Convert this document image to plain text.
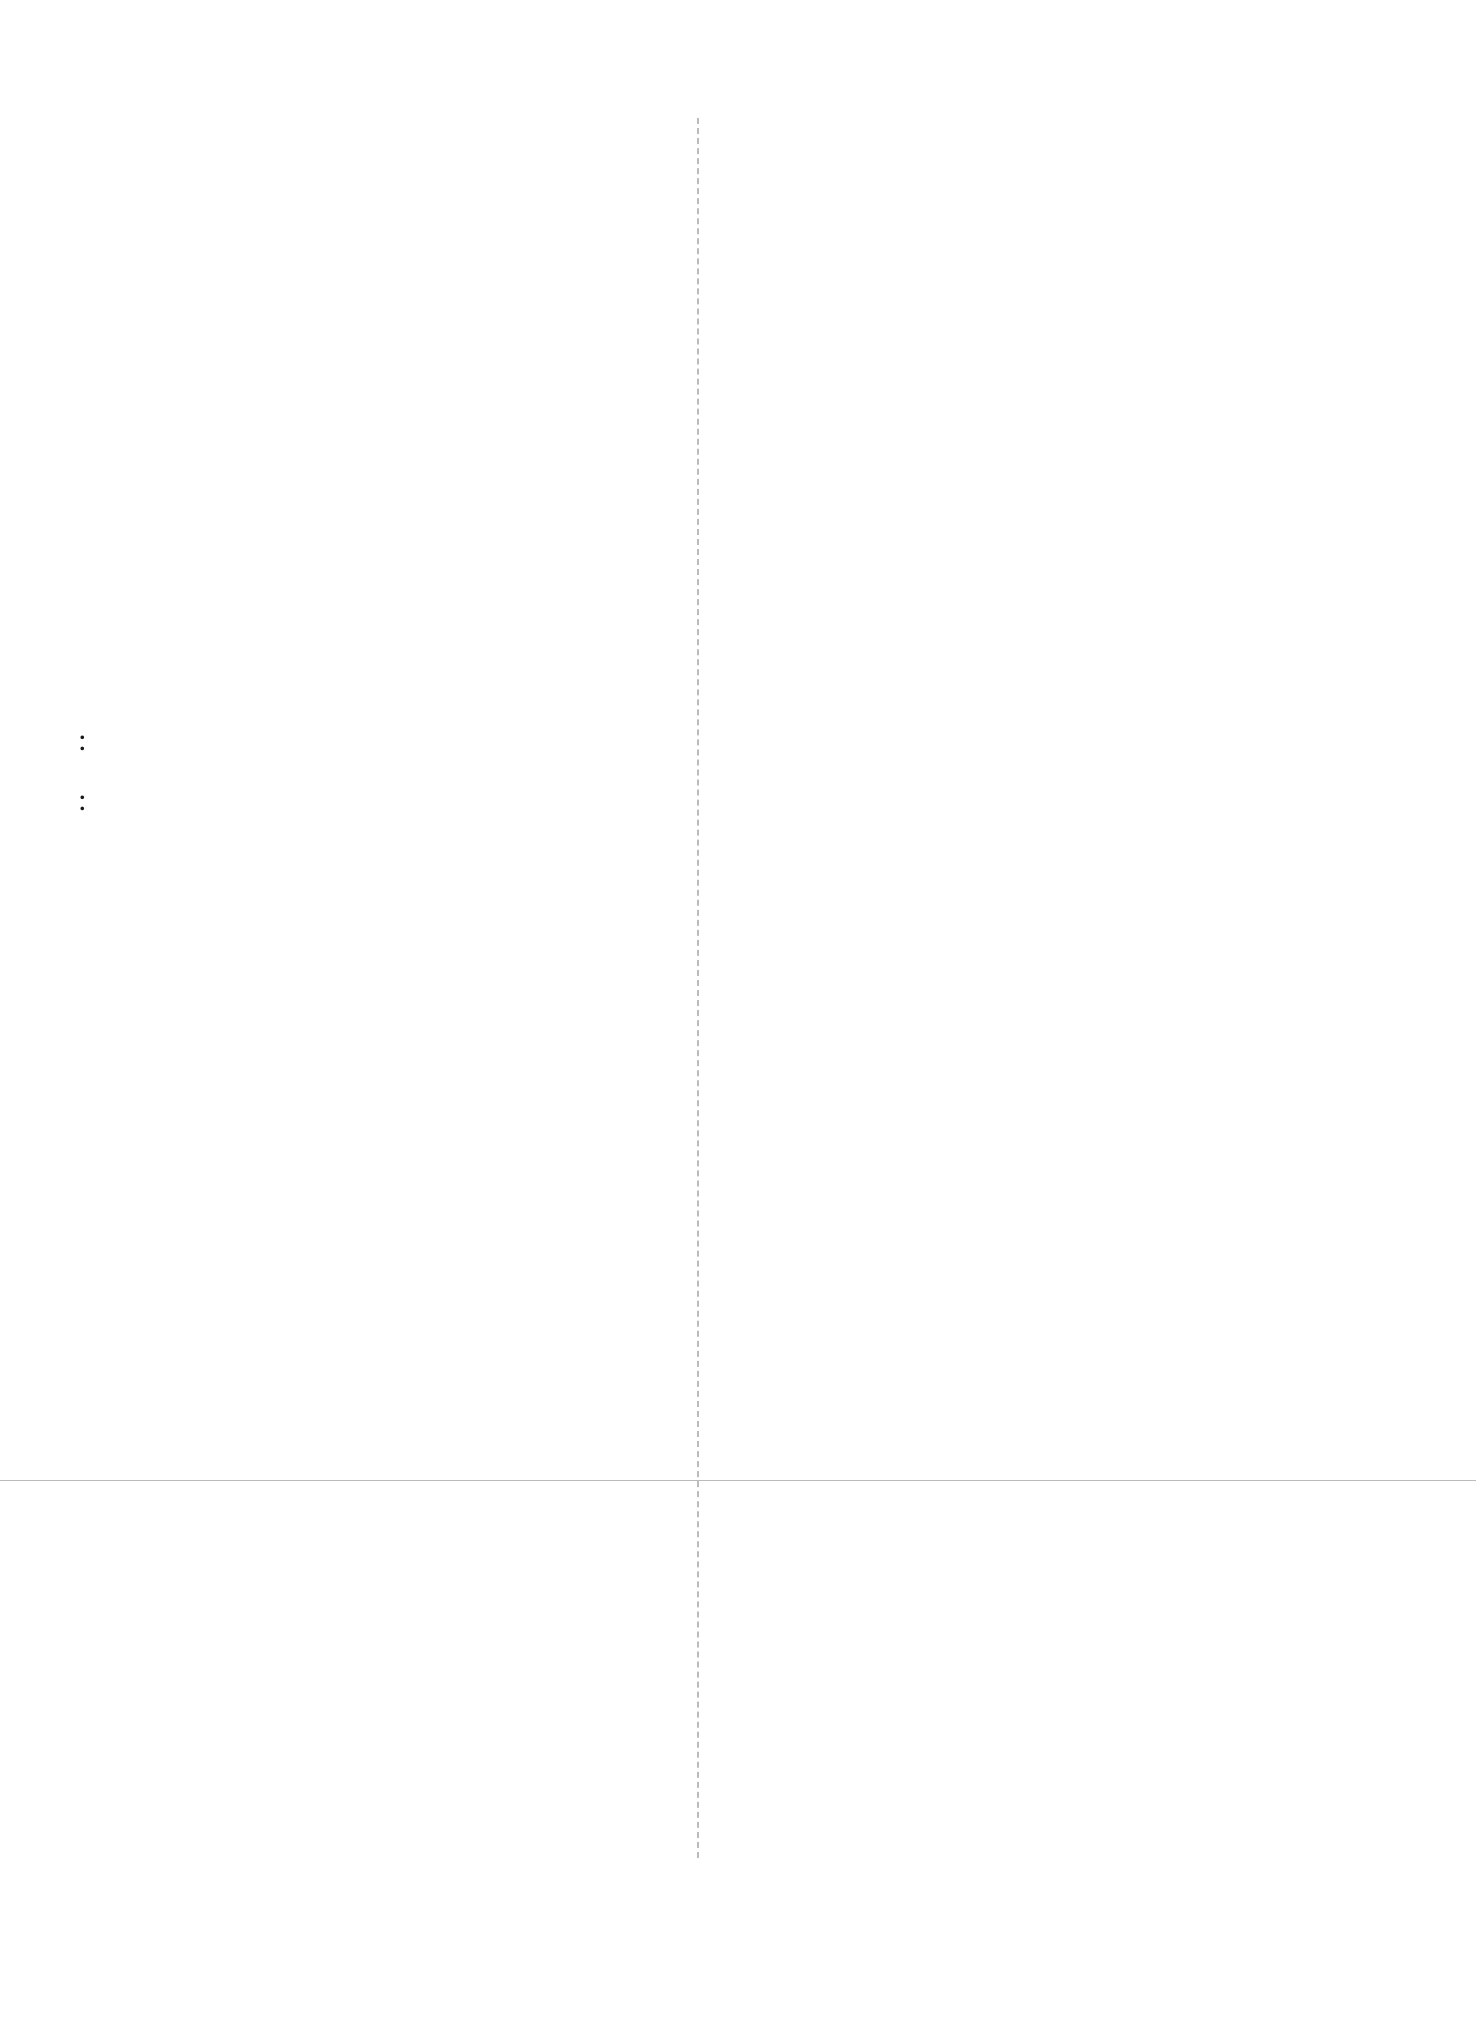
:
:
